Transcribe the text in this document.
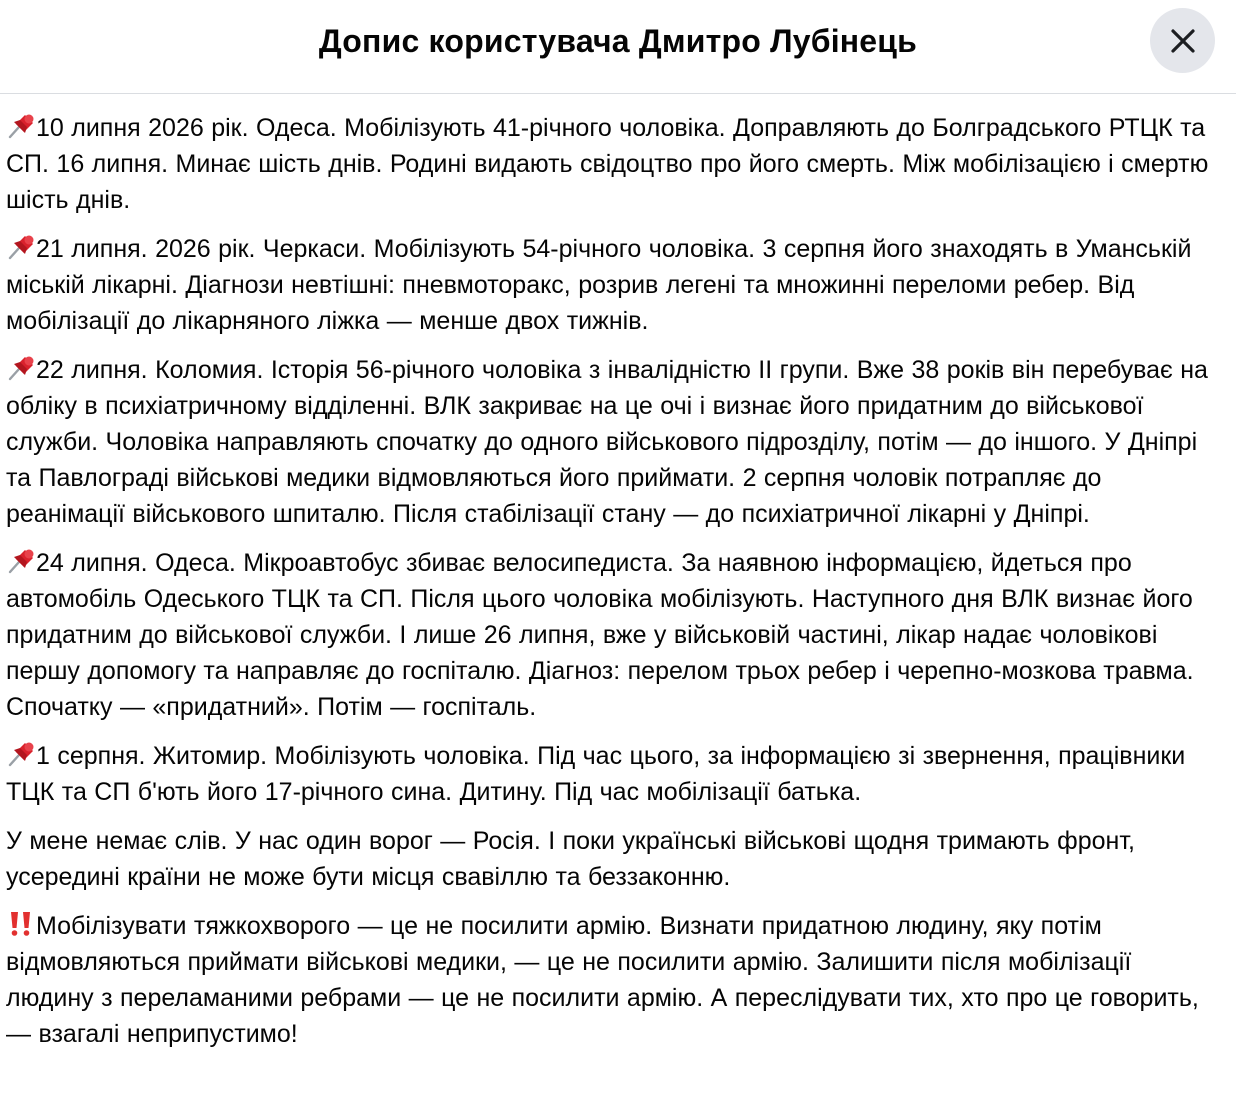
Допис користувача Дмитро Лубінець

10 липня 2026 рік. Одеса. Мобілізують 41-річного чоловіка. Доправляють до Болградського РТЦК та СП. 16 липня. Минає шість днів. Родині видають свідоцтво про його смерть. Між мобілізацією і смертю шість днів.

21 липня. 2026 рік. Черкаси. Мобілізують 54-річного чоловіка. 3 серпня його знаходять в Уманській міській лікарні. Діагнози невтішні: пневмоторакс, розрив легені та множинні переломи ребер. Від мобілізації до лікарняного ліжка — менше двох тижнів.

22 липня. Коломия. Історія 56-річного чоловіка з інвалідністю ІІ групи. Вже 38 років він перебуває на обліку в психіатричному відділенні. ВЛК закриває на це очі і визнає його придатним до військової служби. Чоловіка направляють спочатку до одного військового підрозділу, потім — до іншого. У Дніпрі та Павлограді військові медики відмовляються його приймати. 2 серпня чоловік потрапляє до реанімації військового шпиталю. Після стабілізації стану — до психіатричної лікарні у Дніпрі.

24 липня. Одеса. Мікроавтобус збиває велосипедиста. За наявною інформацією, йдеться про автомобіль Одеського ТЦК та СП. Після цього чоловіка мобілізують. Наступного дня ВЛК визнає його придатним до військової служби. І лише 26 липня, вже у військовій частині, лікар надає чоловікові першу допомогу та направляє до госпіталю. Діагноз: перелом трьох ребер і черепно-мозкова травма. Спочатку — «придатний». Потім — госпіталь.

1 серпня. Житомир. Мобілізують чоловіка. Під час цього, за інформацією зі звернення, працівники ТЦК та СП б'ють його 17-річного сина. Дитину. Під час мобілізації батька.

У мене немає слів. У нас один ворог — Росія. І поки українські військові щодня тримають фронт, усередині країни не може бути місця свавіллю та беззаконню.

Мобілізувати тяжкохворого — це не посилити армію. Визнати придатною людину, яку потім відмовляються приймати військові медики, — це не посилити армію. Залишити після мобілізації людину з переламаними ребрами — це не посилити армію. А переслідувати тих, хто про це говорить, — взагалі неприпустимо!
